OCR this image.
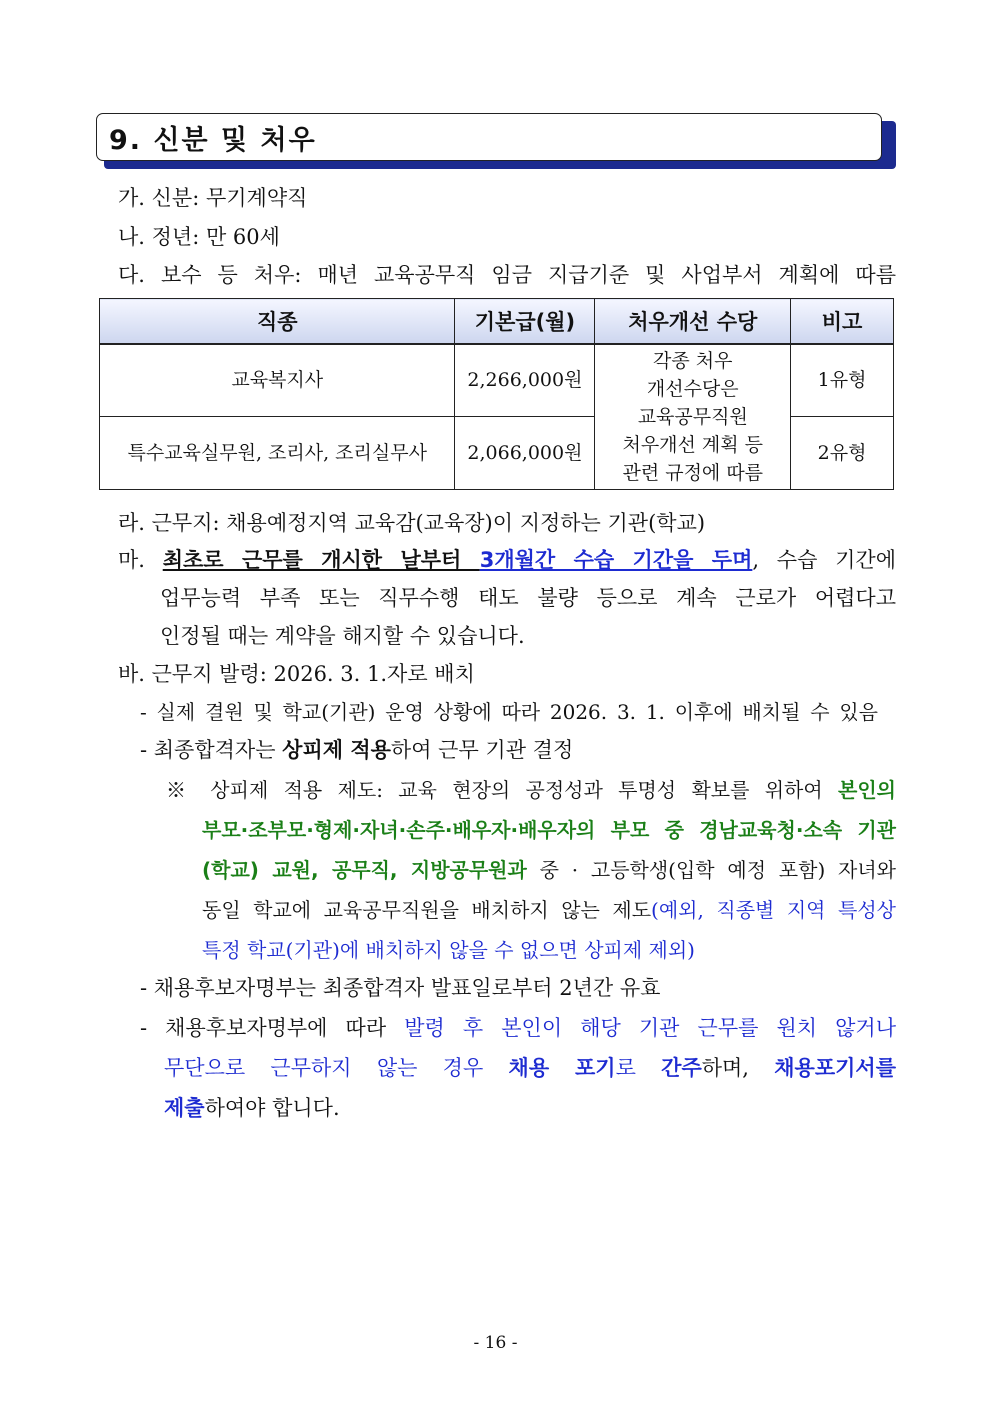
9. 신분 및 처우
가. 신분: 무기계약직
나. 정년: 만 60세
다. 보수 등 처우: 매년 교육공무직 임금 지급기준 및 사업부서 계획에 따름
직종	기본급(월)	처우개선 수당	비고
교육복지사	2,266,000원	각종 처우
개선수당은
교육공무직원
처우개선 계획 등
관련 규정에 따름	1유형
특수교육실무원, 조리사, 조리실무사	2,066,000원		2유형
라. 근무지: 채용예정지역 교육감(교육장)이 지정하는 기관(학교)
마. 최초로 근무를 개시한 날부터 3개월간 수습 기간을 두며, 수습 기간에
업무능력 부족 또는 직무수행 태도 불량 등으로 계속 근로가 어렵다고
인정될 때는 계약을 해지할 수 있습니다.
바. 근무지 발령: 2026. 3. 1.자로 배치
- 실제 결원 및 학교(기관) 운영 상황에 따라 2026. 3. 1. 이후에 배치될 수 있음
- 최종합격자는 상피제 적용하여 근무 기관 결정
※ 상피제 적용 제도: 교육 현장의 공정성과 투명성 확보를 위하여 본인의
부모·조부모·형제·자녀·손주·배우자·배우자의 부모 중 경남교육청·소속 기관
(학교) 교원, 공무직, 지방공무원과 중 · 고등학생(입학 예정 포함) 자녀와
동일 학교에 교육공무직원을 배치하지 않는 제도(예외, 직종별 지역 특성상
특정 학교(기관)에 배치하지 않을 수 없으면 상피제 제외)
- 채용후보자명부는 최종합격자 발표일로부터 2년간 유효
- 채용후보자명부에 따라 발령 후 본인이 해당 기관 근무를 원치 않거나
무단으로 근무하지 않는 경우 채용 포기로 간주하며, 채용포기서를
제출하여야 합니다.
- 16 -
